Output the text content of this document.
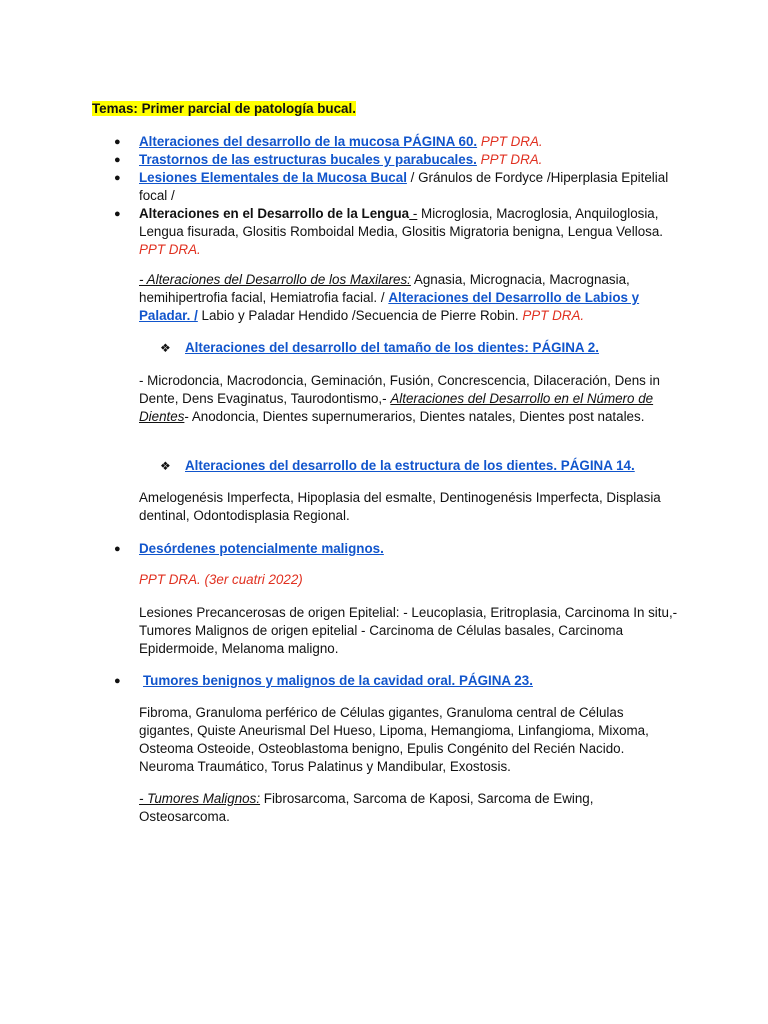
Temas: Primer parcial de patología bucal.
● Alteraciones del desarrollo de la mucosa PÁGINA 60. PPT DRA.
● Trastornos de las estructuras bucales y parabucales. PPT DRA.
● Lesiones Elementales de la Mucosa Bucal / Gránulos de Fordyce /Hiperplasia Epitelial focal /
● Alteraciones en el Desarrollo de la Lengua - Microglosia, Macroglosia, Anquiloglosia, Lengua fisurada, Glositis Romboidal Media, Glositis Migratoria benigna, Lengua Vellosa. PPT DRA.
- Alteraciones del Desarrollo de los Maxilares: Agnasia, Micrognacia, Macrognasia, hemihipertrofia facial, Hemiatrofia facial. / Alteraciones del Desarrollo de Labios y Paladar. / Labio y Paladar Hendido /Secuencia de Pierre Robin. PPT DRA.
❖ Alteraciones del desarrollo del tamaño de los dientes: PÁGINA 2.
- Microdoncia, Macrodoncia, Geminación, Fusión, Concrescencia, Dilaceración, Dens in Dente, Dens Evaginatus, Taurodontismo,- Alteraciones del Desarrollo en el Número de Dientes- Anodoncia, Dientes supernumerarios, Dientes natales, Dientes post natales.
❖ Alteraciones del desarrollo de la estructura de los dientes. PÁGINA 14.
Amelogenésis Imperfecta, Hipoplasia del esmalte, Dentinogenésis Imperfecta, Displasia dentinal, Odontodisplasia Regional.
● Desórdenes potencialmente malignos.
PPT DRA. (3er cuatri 2022)
Lesiones Precancerosas de origen Epitelial: - Leucoplasia, Eritroplasia, Carcinoma In situ,- Tumores Malignos de origen epitelial - Carcinoma de Células basales, Carcinoma Epidermoide, Melanoma maligno.
● Tumores benignos y malignos de la cavidad oral. PÁGINA 23.
Fibroma, Granuloma perférico de Células gigantes, Granuloma central de Células gigantes, Quiste Aneurismal Del Hueso, Lipoma, Hemangioma, Linfangioma, Mixoma, Osteoma Osteoide, Osteoblastoma benigno, Epulis Congénito del Recién Nacido. Neuroma Traumático, Torus Palatinus y Mandibular, Exostosis.
- Tumores Malignos: Fibrosarcoma, Sarcoma de Kaposi, Sarcoma de Ewing, Osteosarcoma.
